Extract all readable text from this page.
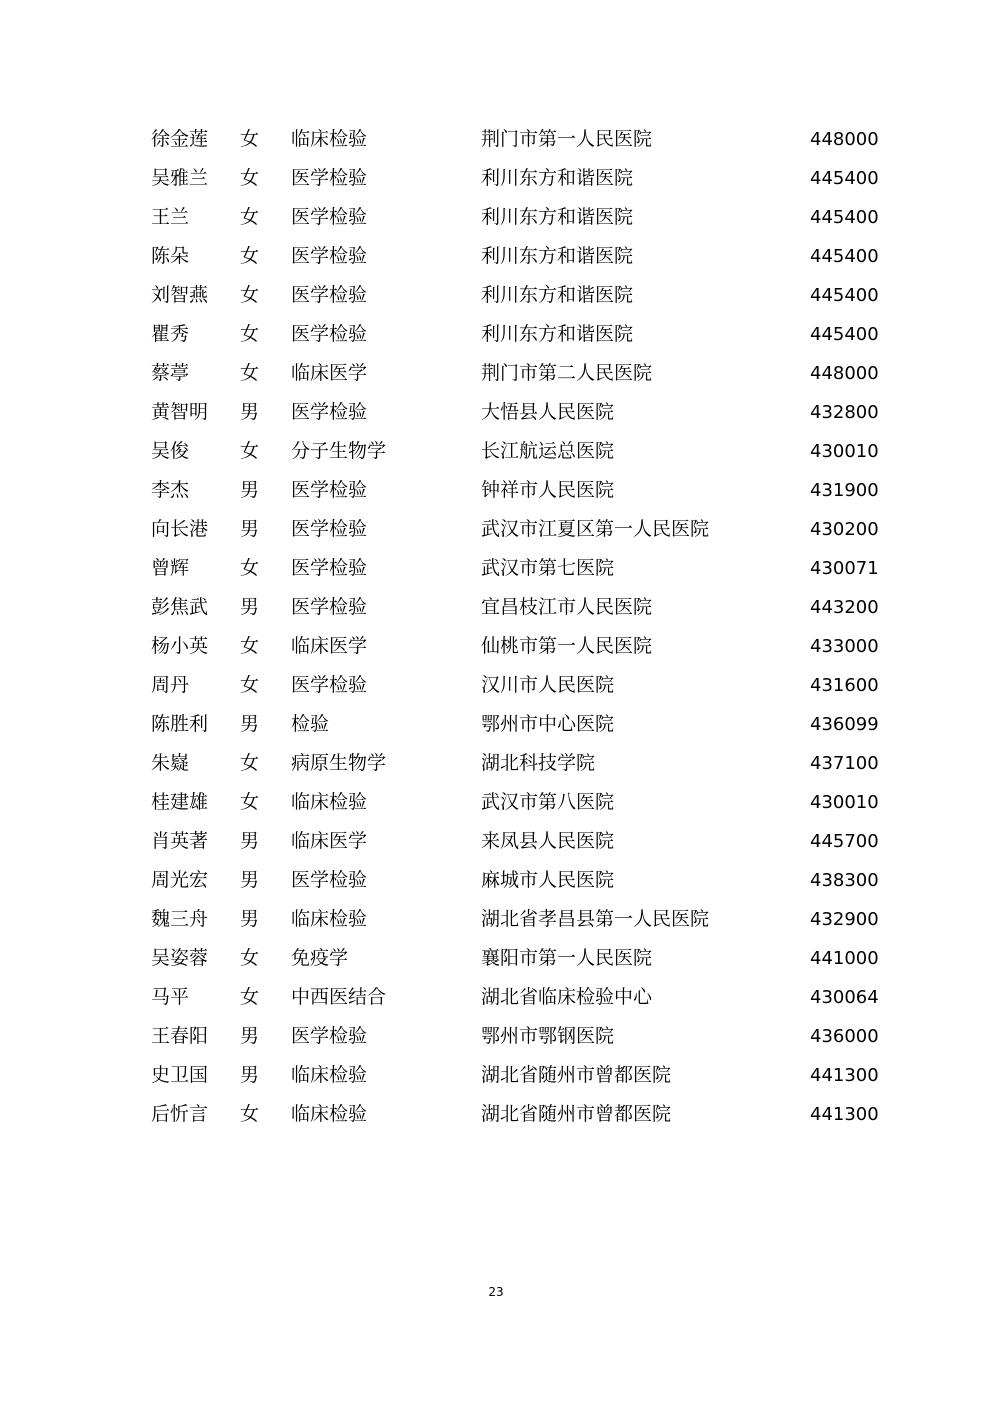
徐金莲 女 临床检验	荆门市第一人民医院	448000
吴雅兰 女 医学检验	利川东方和谐医院	445400
王兰	女 医学检验	利川东方和谐医院	445400
陈朵	女 医学检验	利川东方和谐医院	445400
刘智燕 女 医学检验	利川东方和谐医院	445400
瞿秀	女 医学检验	利川东方和谐医院	445400
蔡葶	女 临床医学	荆门市第二人民医院	448000
黄智明 男 医学检验	大悟县人民医院	432800
吴俊	女 分子生物学	长江航运总医院	430010
李杰	男 医学检验	钟祥市人民医院	431900
向长港 男 医学检验	武汉市江夏区第一人民医院	430200
曾辉	女 医学检验	武汉市第七医院	430071
彭焦武 男 医学检验	宜昌枝江市人民医院	443200
杨小英 女 临床医学	仙桃市第一人民医院	433000
周丹	女 医学检验	汉川市人民医院	431600
陈胜利 男 检验	鄂州市中心医院	436099
朱嶷	女 病原生物学	湖北科技学院	437100
桂建雄 女 临床检验	武汉市第八医院	430010
肖英著 男 临床医学	来凤县人民医院	445700
周光宏 男 医学检验	麻城市人民医院	438300
魏三舟 男 临床检验	湖北省孝昌县第一人民医院	432900
吴姿蓉 女 免疫学	襄阳市第一人民医院	441000
马平	女 中西医结合	湖北省临床检验中心	430064
王春阳 男 医学检验	鄂州市鄂钢医院	436000
史卫国 男 临床检验	湖北省随州市曾都医院	441300
后忻言 女 临床检验	湖北省随州市曾都医院	441300
23
